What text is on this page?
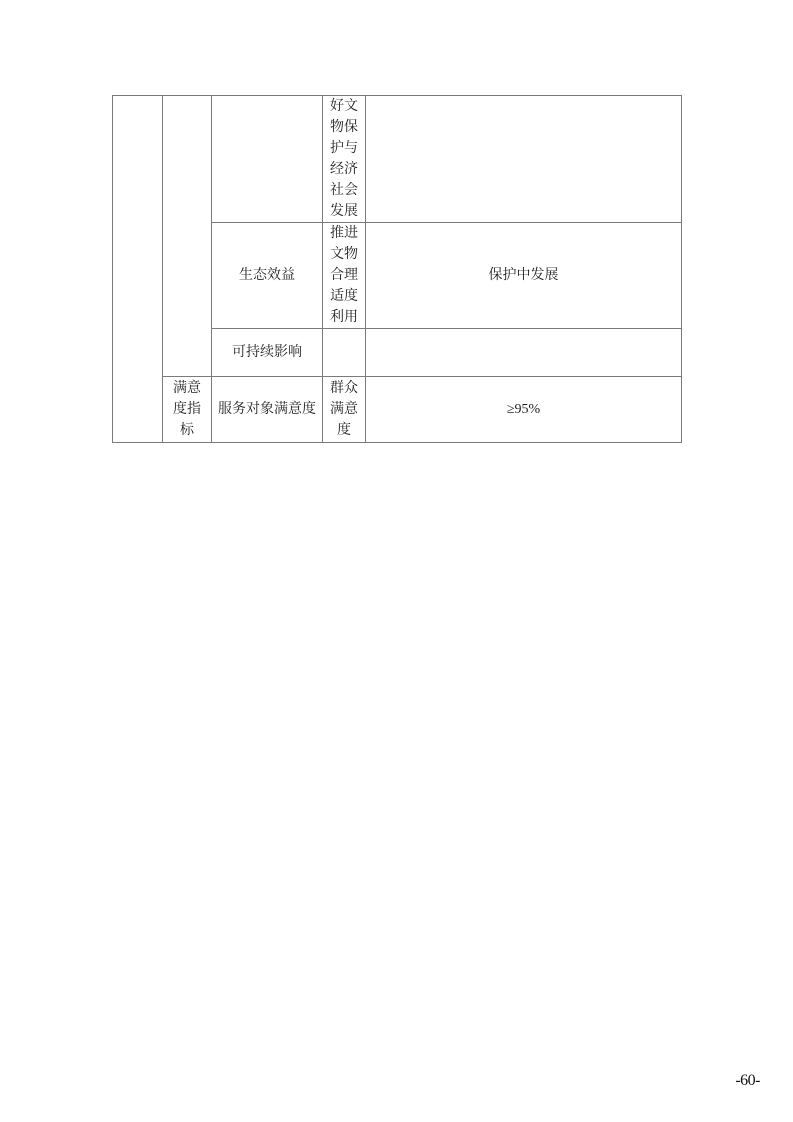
			好文物保护与经济社会发展	
		生态效益	推进文物合理适度利用	保护中发展
		可持续影响		
	满意度指标	服务对象满意度	群众满意度	≥95%
-60-
